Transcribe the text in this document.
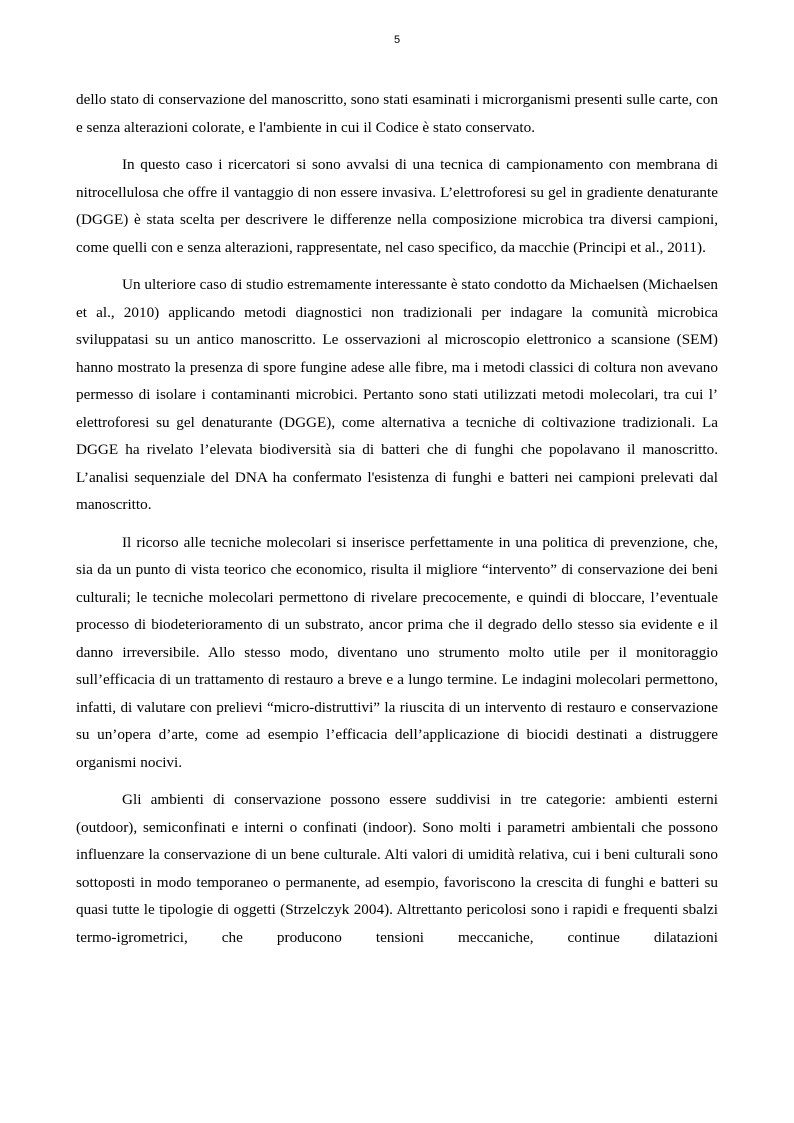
5

dello stato di conservazione del manoscritto, sono stati esaminati i microrganismi presenti sulle carte, con e senza alterazioni colorate, e l'ambiente in cui il Codice è stato conservato.

In questo caso i ricercatori si sono avvalsi di una tecnica di campionamento con membrana di nitrocellulosa che offre il vantaggio di non essere invasiva. L’elettroforesi su gel in gradiente denaturante (DGGE) è stata scelta per descrivere le differenze nella composizione microbica tra diversi campioni, come quelli con e senza alterazioni, rappresentate, nel caso specifico, da macchie (Principi et al., 2011).

Un ulteriore caso di studio estremamente interessante è stato condotto da Michaelsen (Michaelsen et al., 2010) applicando metodi diagnostici non tradizionali per indagare la comunità microbica sviluppatasi su un antico manoscritto. Le osservazioni al microscopio elettronico a scansione (SEM) hanno mostrato la presenza di spore fungine adese alle fibre, ma i metodi classici di coltura non avevano permesso di isolare i contaminanti microbici. Pertanto sono stati utilizzati metodi molecolari, tra cui l’ elettroforesi su gel denaturante (DGGE), come alternativa a tecniche di coltivazione tradizionali. La DGGE ha rivelato l’elevata biodiversità sia di batteri che di funghi che popolavano il manoscritto. L’analisi sequenziale del DNA ha confermato l'esistenza di funghi e batteri nei campioni prelevati dal manoscritto.

Il ricorso alle tecniche molecolari si inserisce perfettamente in una politica di prevenzione, che, sia da un punto di vista teorico che economico, risulta il migliore “intervento” di conservazione dei beni culturali; le tecniche molecolari permettono di rivelare precocemente, e quindi di bloccare, l’eventuale processo di biodeterioramento di un substrato, ancor prima che il degrado dello stesso sia evidente e il danno irreversibile. Allo stesso modo, diventano uno strumento molto utile per il monitoraggio sull’efficacia di un trattamento di restauro a breve e a lungo termine. Le indagini molecolari permettono, infatti, di valutare con prelievi “micro-distruttivi” la riuscita di un intervento di restauro e conservazione su un’opera d’arte, come ad esempio l’efficacia dell’applicazione di biocidi destinati a distruggere organismi nocivi.

Gli ambienti di conservazione possono essere suddivisi in tre categorie: ambienti esterni (outdoor), semiconfinati e interni o confinati (indoor). Sono molti i parametri ambientali che possono influenzare la conservazione di un bene culturale. Alti valori di umidità relativa, cui i beni culturali sono sottoposti in modo temporaneo o permanente, ad esempio, favoriscono la crescita di funghi e batteri su quasi tutte le tipologie di oggetti (Strzelczyk 2004). Altrettanto pericolosi sono i rapidi e frequenti sbalzi termo-igrometrici, che producono tensioni meccaniche, continue dilatazioni
